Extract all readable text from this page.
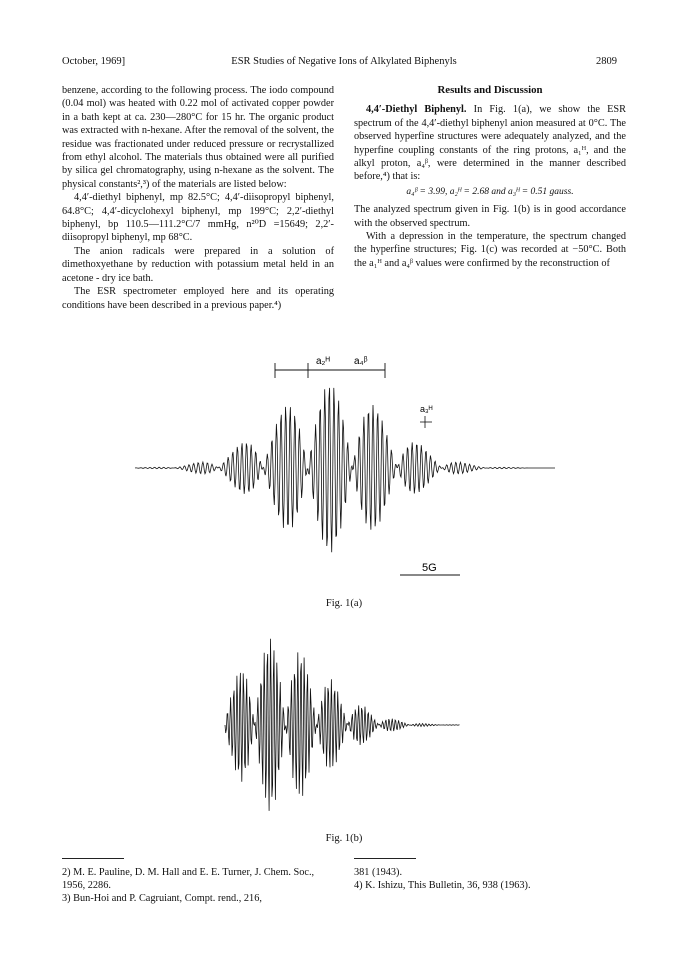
October, 1969]	ESR Studies of Negative Ions of Alkylated Biphenyls	2809

benzene, according to the following process. The iodo compound (0.04 mol) was heated with 0.22 mol of activated copper powder in a bath kept at ca. 230—280°C for 15 hr. The organic product was extracted with n-hexane. After the removal of the solvent, the residue was fractionated under reduced pressure or recrystallized from ethyl alcohol. The materials thus obtained were all purified by silica gel chromatography, using n-hexane as the solvent. The physical constants²,³) of the materials are listed below:

4,4′-diethyl biphenyl, mp 82.5°C; 4,4′-diisopropyl biphenyl, 64.8°C; 4,4′-dicyclohexyl biphenyl, mp 199°C; 2,2′-diethyl biphenyl, bp 110.5—111.2°C/7 mmHg, n²⁰D =15649; 2,2′-diisopropyl biphenyl, mp 68°C.

The anion radicals were prepared in a solution of dimethoxyethane by reduction with potassium metal held in an acetone - dry ice bath.

The ESR spectrometer employed here and its operating conditions have been described in a previous paper.⁴)

Results and Discussion

4,4′-Diethyl Biphenyl. In Fig. 1(a), we show the ESR spectrum of the 4,4′-diethyl biphenyl anion measured at 0°C. The observed hyperfine structures were adequately analyzed, and the hyperfine coupling constants of the ring protons, a₁ᴴ, and the alkyl proton, a₄ᵝ, were determined in the manner described before,⁴) that is:

a₄ᵝ = 3.99, a₂ᴴ = 2.68 and a₃ᴴ = 0.51 gauss.

The analyzed spectrum given in Fig. 1(b) is in good accordance with the observed spectrum.

With a depression in the temperature, the spectrum changed the hyperfine structures; Fig. 1(c) was recorded at −50°C. Both the a₁ᴴ and a₄ᵝ values were confirmed by the reconstruction of

a₂ᴴ a₄ᵝ
a₃ᴴ
5G
Fig. 1(a)
Fig. 1(b)
2) M. E. Pauline, D. M. Hall and E. E. Turner, J. Chem. Soc., 1956, 2286.
3) Bun-Hoi and P. Cagruiant, Compt. rend., 216,
381 (1943).
4) K. Ishizu, This Bulletin, 36, 938 (1963).
